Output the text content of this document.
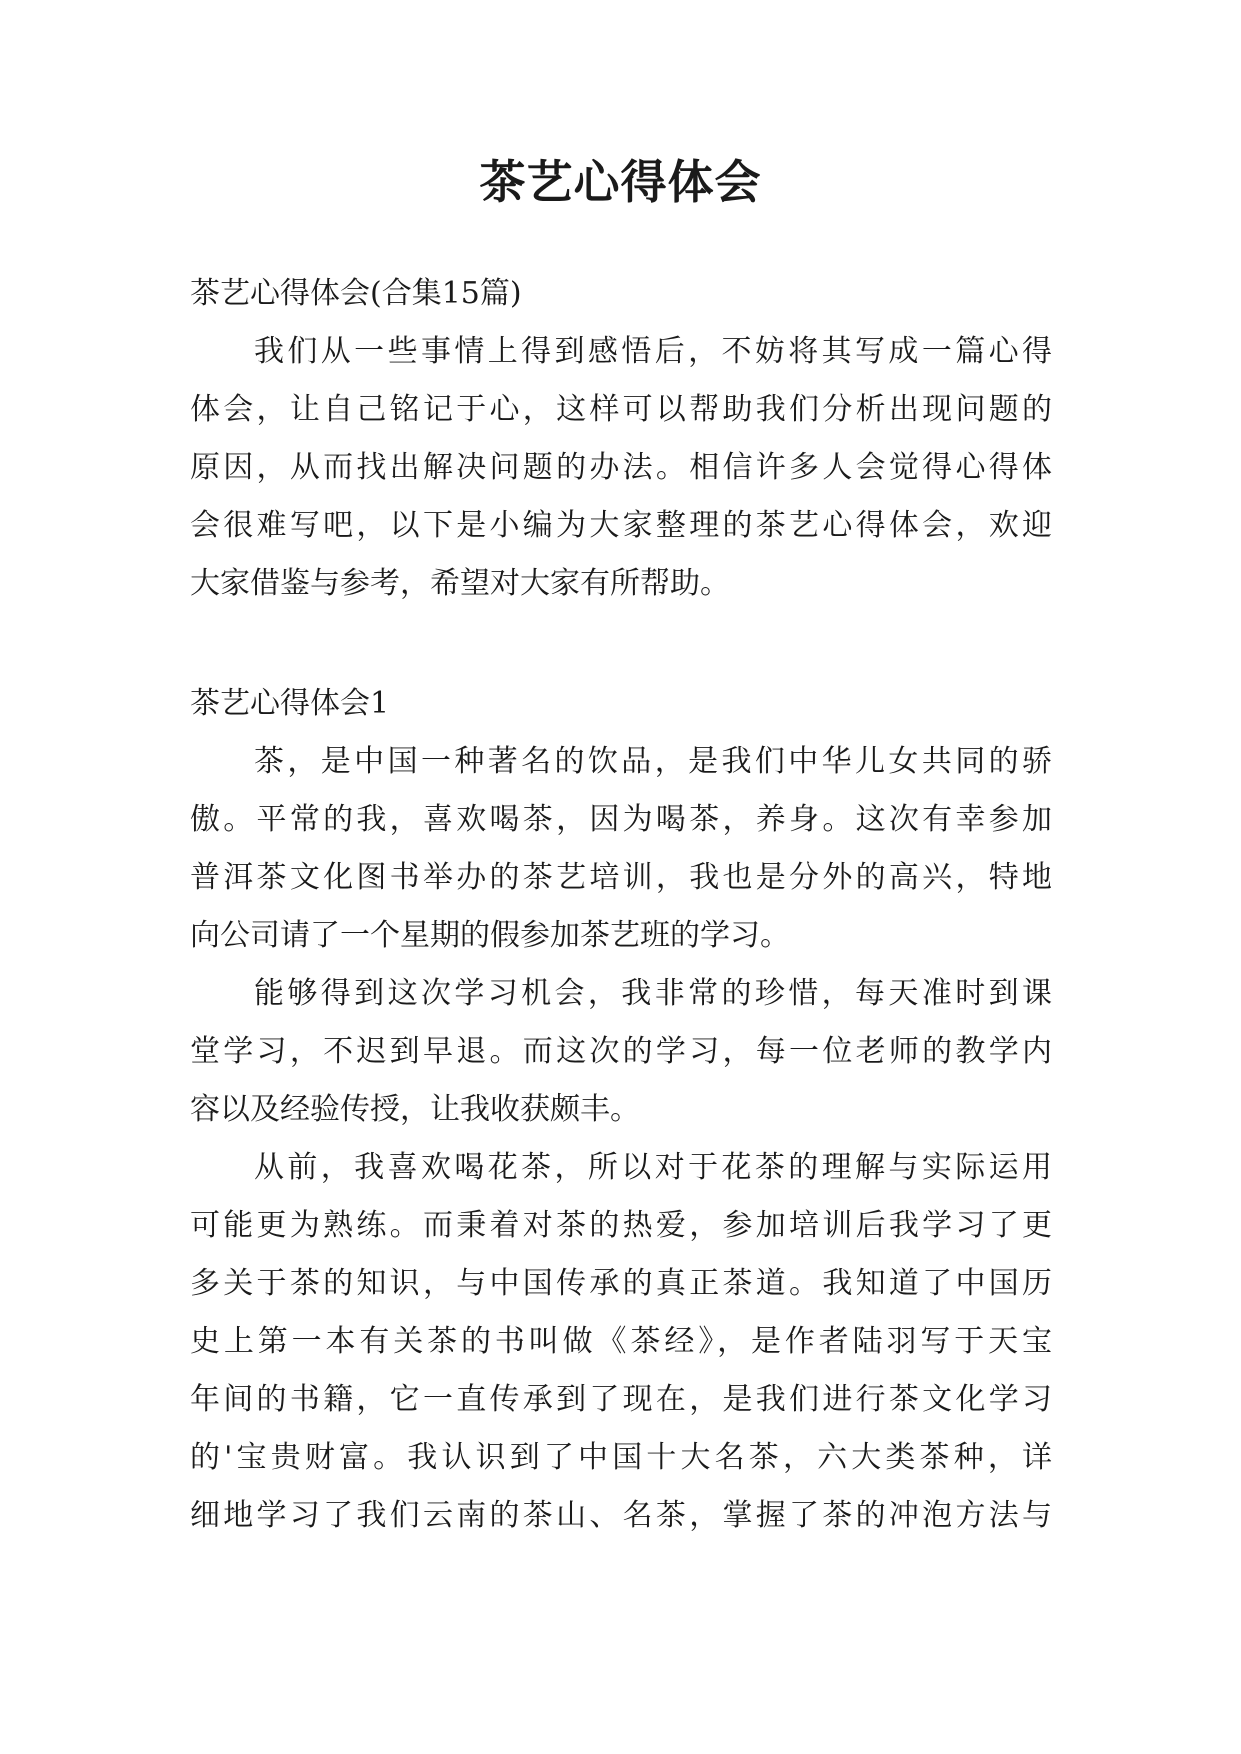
茶艺心得体会
茶艺心得体会(合集15篇)
我们从一些事情上得到感悟后，不妨将其写成一篇心得
体会，让自己铭记于心，这样可以帮助我们分析出现问题的
原因，从而找出解决问题的办法。相信许多人会觉得心得体
会很难写吧，以下是小编为大家整理的茶艺心得体会，欢迎
大家借鉴与参考，希望对大家有所帮助。
茶艺心得体会1
茶，是中国一种著名的饮品，是我们中华儿女共同的骄
傲。平常的我，喜欢喝茶，因为喝茶，养身。这次有幸参加
普洱茶文化图书举办的茶艺培训，我也是分外的高兴，特地
向公司请了一个星期的假参加茶艺班的学习。
能够得到这次学习机会，我非常的珍惜，每天准时到课
堂学习，不迟到早退。而这次的学习，每一位老师的教学内
容以及经验传授，让我收获颇丰。
从前，我喜欢喝花茶，所以对于花茶的理解与实际运用
可能更为熟练。而秉着对茶的热爱，参加培训后我学习了更
多关于茶的知识，与中国传承的真正茶道。我知道了中国历
史上第一本有关茶的书叫做《茶经》，是作者陆羽写于天宝
年间的书籍，它一直传承到了现在，是我们进行茶文化学习
的'宝贵财富。我认识到了中国十大名茶，六大类茶种，详
细地学习了我们云南的茶山、名茶，掌握了茶的冲泡方法与
